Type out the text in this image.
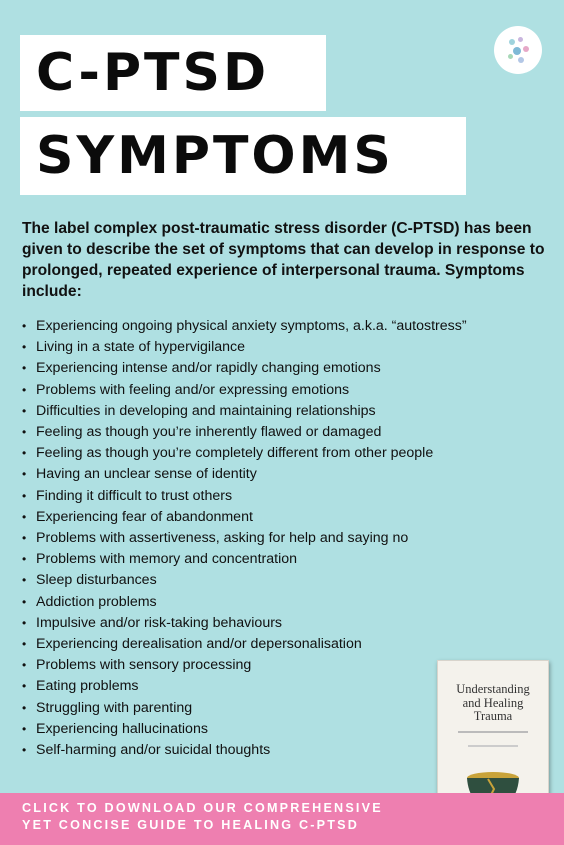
C-PTSD
SYMPTOMS
The label complex post-traumatic stress disorder (C-PTSD) has been given to describe the set of symptoms that can develop in response to prolonged, repeated experience of interpersonal trauma. Symptoms include:
• Experiencing ongoing physical anxiety symptoms, a.k.a. “autostress”
• Living in a state of hypervigilance
• Experiencing intense and/or rapidly changing emotions
• Problems with feeling and/or expressing emotions
• Difficulties in developing and maintaining relationships
• Feeling as though you’re inherently flawed or damaged
• Feeling as though you’re completely different from other people
• Having an unclear sense of identity
• Finding it difficult to trust others
• Experiencing fear of abandonment
• Problems with assertiveness, asking for help and saying no
• Problems with memory and concentration
• Sleep disturbances
• Addiction problems
• Impulsive and/or risk-taking behaviours
• Experiencing derealisation and/or depersonalisation
• Problems with sensory processing
• Eating problems
• Struggling with parenting
• Experiencing hallucinations
• Self-harming and/or suicidal thoughts
Understanding
and Healing
Trauma
CLICK TO DOWNLOAD OUR COMPREHENSIVE
YET CONCISE GUIDE TO HEALING C-PTSD
